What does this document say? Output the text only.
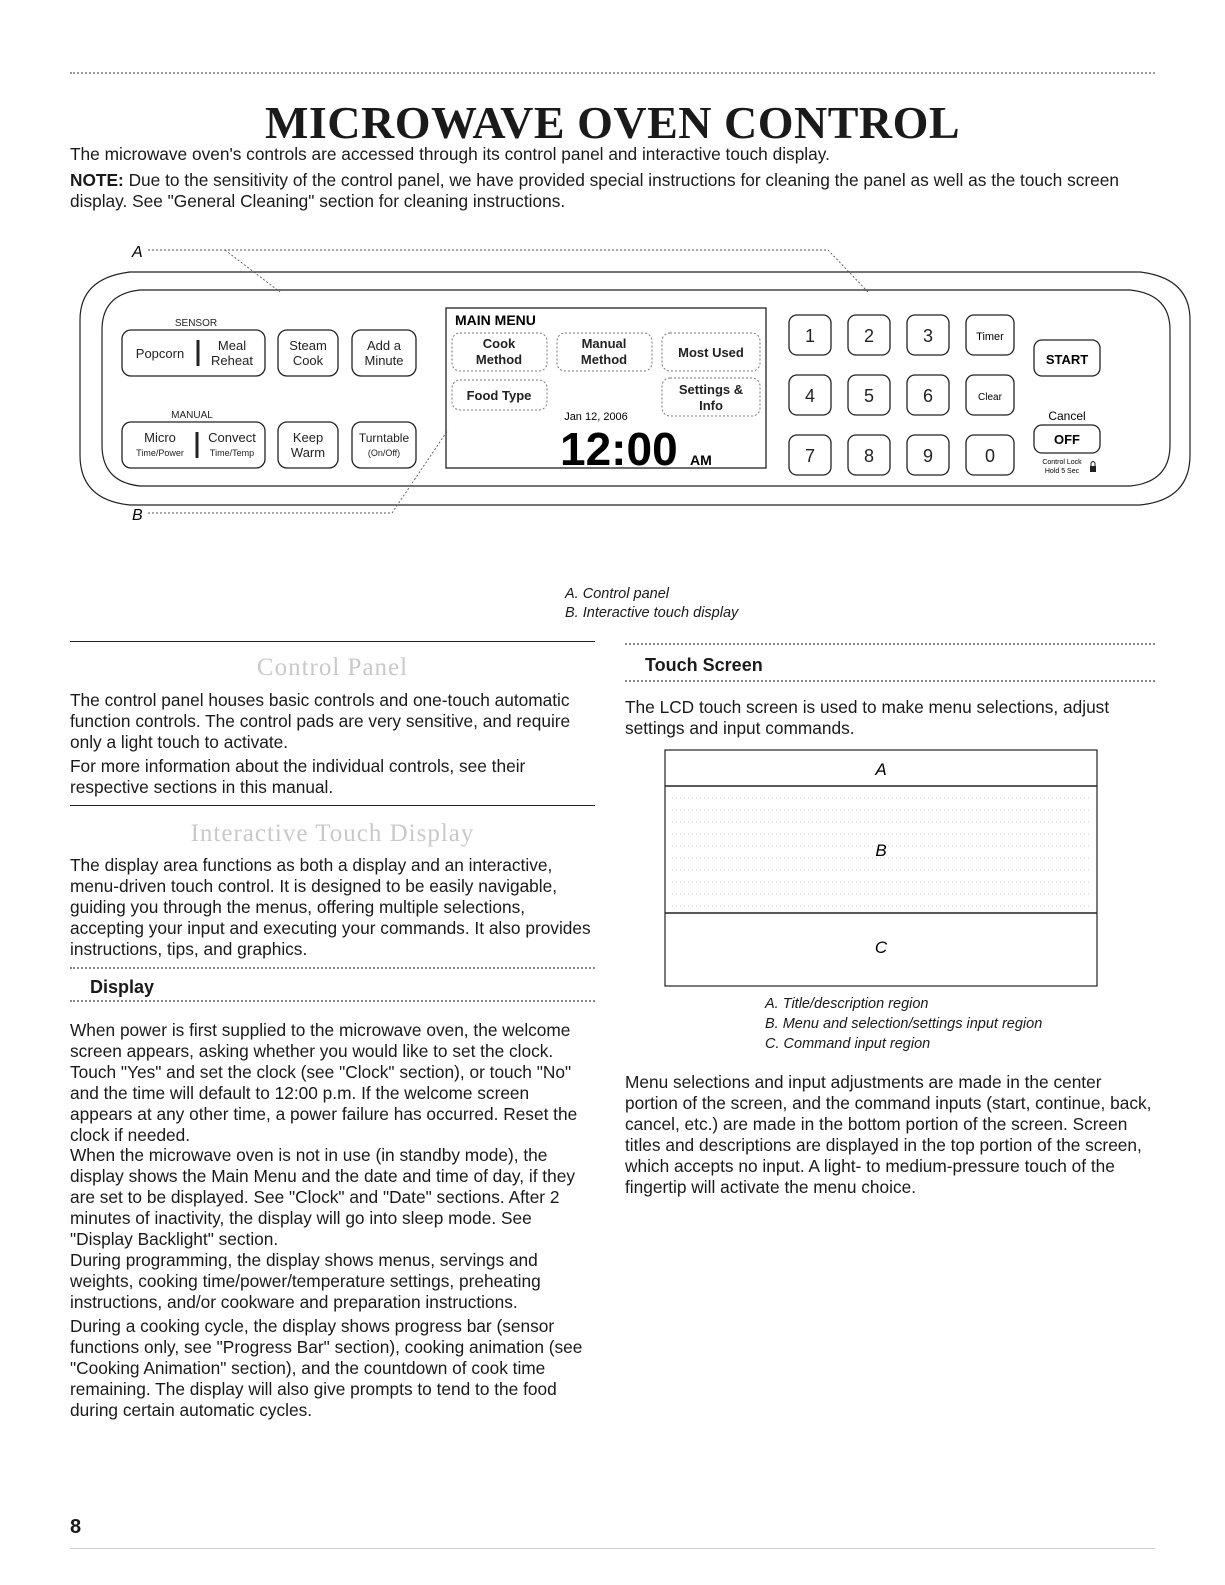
MICROWAVE OVEN CONTROL
The microwave oven's controls are accessed through its control panel and interactive touch display.
NOTE: Due to the sensitivity of the control panel, we have provided special instructions for cleaning the panel as well as the touch screen display. See "General Cleaning" section for cleaning instructions.
A
B
SENSOR
MANUAL
Popcorn
Meal
Reheat
Steam
Cook
Add a
Minute
Micro
Time/Power
Convect
Time/Temp
Keep
Warm
Turntable
(On/Off)
MAIN MENU
Cook
Method
Manual
Method	Most Used
Food Type	Settings &
Info
Jan 12, 2006
12:00 AM
1	2	3
4	5	6
7	8	9	0
Timer
Clear
START
Cancel
OFF
Control Lock
Hold 5 Sec
A. Control panel
B. Interactive touch display
Control Panel
The control panel houses basic controls and one-touch automatic function controls. The control pads are very sensitive, and require only a light touch to activate.
For more information about the individual controls, see their respective sections in this manual.
Interactive Touch Display
The display area functions as both a display and an interactive, menu-driven touch control. It is designed to be easily navigable, guiding you through the menus, offering multiple selections, accepting your input and executing your commands. It also provides instructions, tips, and graphics.
Display
When power is first supplied to the microwave oven, the welcome screen appears, asking whether you would like to set the clock. Touch "Yes" and set the clock (see "Clock" section), or touch "No" and the time will default to 12:00 p.m. If the welcome screen appears at any other time, a power failure has occurred. Reset the clock if needed.
When the microwave oven is not in use (in standby mode), the display shows the Main Menu and the date and time of day, if they are set to be displayed. See "Clock" and "Date" sections. After 2 minutes of inactivity, the display will go into sleep mode. See "Display Backlight" section.
During programming, the display shows menus, servings and weights, cooking time/power/temperature settings, preheating instructions, and/or cookware and preparation instructions.
During a cooking cycle, the display shows progress bar (sensor functions only, see "Progress Bar" section), cooking animation (see "Cooking Animation" section), and the countdown of cook time remaining. The display will also give prompts to tend to the food during certain automatic cycles.
Touch Screen
The LCD touch screen is used to make menu selections, adjust settings and input commands.
A
B
C
A. Title/description region
B. Menu and selection/settings input region
C. Command input region
Menu selections and input adjustments are made in the center portion of the screen, and the command inputs (start, continue, back, cancel, etc.) are made in the bottom portion of the screen. Screen titles and descriptions are displayed in the top portion of the screen, which accepts no input. A light- to medium-pressure touch of the fingertip will activate the menu choice.
8
